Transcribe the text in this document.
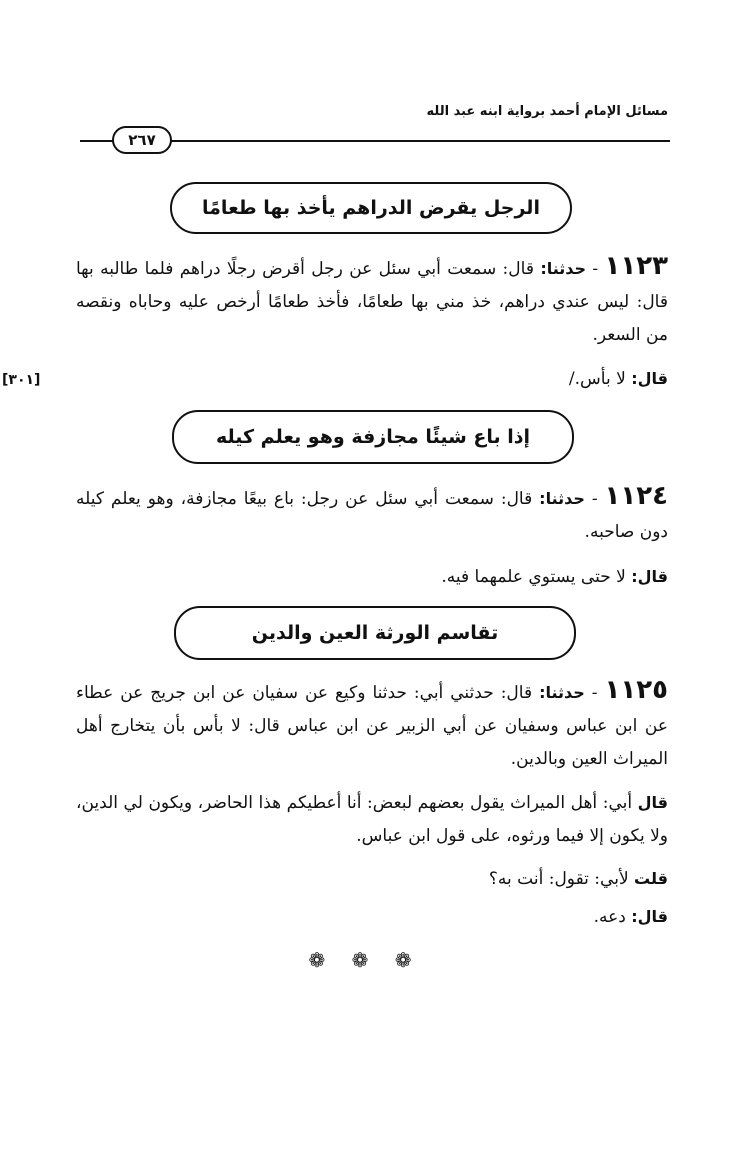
مسائل الإمام أحمد برواية ابنه عبد الله
٢٦٧
[٣٠١]
الرجل يقرض الدراهم يأخذ بها طعامًا
١١٢٣ - حدثنا: قال: سمعت أبي سئل عن رجل أقرض رجلًا دراهم فلما طالبه بها قال: ليس عندي دراهم، خذ مني بها طعامًا، فأخذ طعامًا أرخص عليه وحاباه ونقصه من السعر.
قال: لا بأس./
إذا باع شيئًا مجازفة وهو يعلم كيله
١١٢٤ - حدثنا: قال: سمعت أبي سئل عن رجل: باع بيعًا مجازفة، وهو يعلم كيله دون صاحبه.
قال: لا حتى يستوي علمهما فيه.
تقاسم الورثة العين والدين
١١٢٥ - حدثنا: قال: حدثني أبي: حدثنا وكيع عن سفيان عن ابن جريج عن عطاء عن ابن عباس وسفيان عن أبي الزبير عن ابن عباس قال: لا بأس بأن يتخارج أهل الميراث العين وبالدين.
قال أبي: أهل الميراث يقول بعضهم لبعض: أنا أعطيكم هذا الحاضر، ويكون لي الدين، ولا يكون إلا فيما ورثوه، على قول ابن عباس.
قلت لأبي: تقول: أنت به؟
قال: دعه.
❁ ❁ ❁
